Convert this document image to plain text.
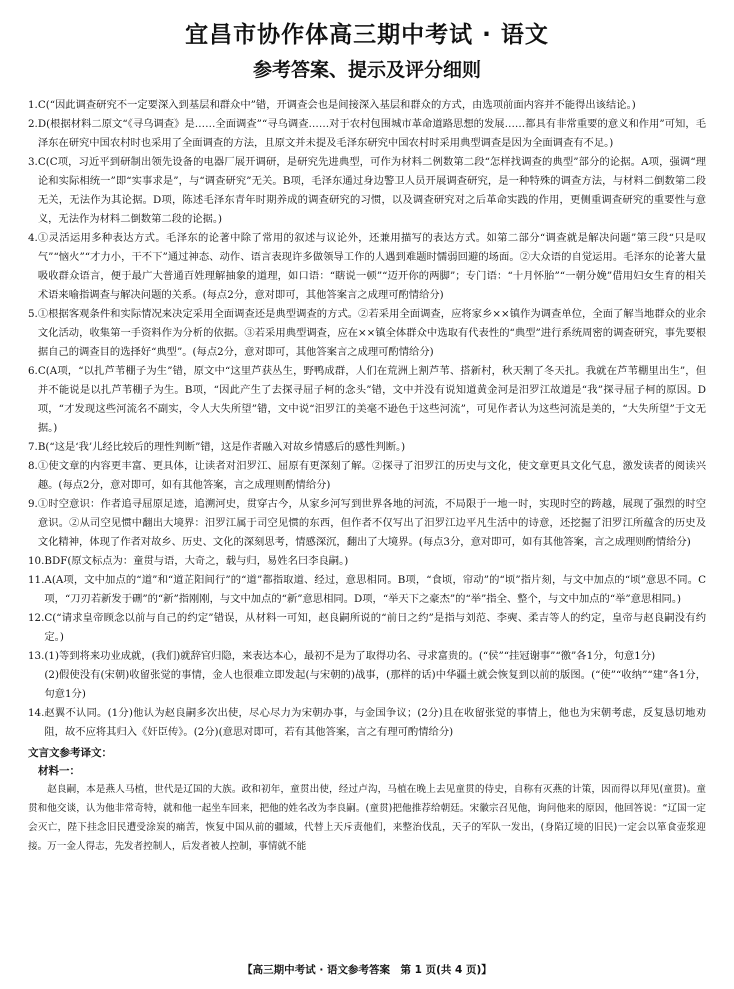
宜昌市协作体高三期中考试 · 语文
参考答案、提示及评分细则
1. C(“因此调查研究不一定要深入到基层和群众中”错，开调查会也是间接深入基层和群众的方式，由选项前面内容并不能得出该结论。)
2. D(根据材料二原文“《寻乌调查》是……全面调查”“寻乌调查……对于农村包围城市革命道路思想的发展……都具有非常重要的意义和作用”可知，毛泽东在研究中国农村时也采用了全面调查的方法，且原文并未提及毛泽东研究中国农村时采用典型调查是因为全面调查有不足。)
3. C(C项，习近平到研制出领先设备的电器厂展开调研，是研究先进典型，可作为材料二例数第二段“怎样找调查的典型”部分的论据。A项，强调“理论和实际相统一”即“实事求是”，与“调查研究”无关。B项，毛泽东通过身边警卫人员开展调查研究，是一种特殊的调查方法，与材料二倒数第二段无关，无法作为其论据。D项，陈述毛泽东青年时期养成的调查研究的习惯，以及调查研究对之后革命实践的作用，更侧重调查研究的重要性与意义，无法作为材料二倒数第二段的论据。)
4. ①灵活运用多种表达方式。毛泽东的论著中除了常用的叙述与议论外，还兼用描写的表达方式。如第二部分“调查就是解决问题”第三段“只是叹气”“恼火”“才力小，干不下”通过神态、动作、语言表现许多做领导工作的人遇到难题时懦弱回避的场面。②大众语的自觉运用。毛泽东的论著大量吸收群众语言，便于最广大普通百姓理解抽象的道理，如口语：“瞎说一顿”“迈开你的两脚”；专门语：“十月怀胎”“一朝分娩”借用妇女生育的相关术语来喻指调查与解决问题的关系。(每点2分，意对即可，其他答案言之成理可酌情给分)
5. ①根据客观条件和实际情况来决定采用全面调查还是典型调查的方式。②若采用全面调查，应将家乡××镇作为调查单位，全面了解当地群众的业余文化活动，收集第一手资料作为分析的依据。③若采用典型调查，应在××镇全体群众中选取有代表性的“典型”进行系统周密的调查研究，事先要根据自己的调查目的选择好“典型”。(每点2分，意对即可，其他答案言之成理可酌情给分)
6. C(A项，“以扎芦苇棚子为生”错，原文中“这里芦获丛生，野鸭成群，人们在荒洲上割芦苇、搭新村，秋天割了冬天扎。我就在芦苇棚里出生”，但并不能说是以扎芦苇棚子为生。B项，“因此产生了去探寻屈子柯的念头”错，文中并没有说知道黄金河是汨罗江故道是“我”探寻屈子柯的原因。D项，“才发现这些河流名不副实，令人大失所望”错，文中说“汨罗江的美毫不逊色于这些河流”，可见作者认为这些河流是美的，“大失所望”于文无据。)
7. B(“这是‘我’儿经比较后的理性判断”错，这是作者融入对故乡情感后的感性判断。)
8. ①使文章的内容更丰富、更具体，让读者对汨罗江、屈原有更深刻了解。②探寻了汨罗江的历史与文化，使文章更具文化气息，激发读者的阅读兴趣。(每点2分，意对即可，如有其他答案，言之成理则酌情给分)
9. ①时空意识：作者追寻屈原足迹，追溯河史，贯穿古今，从家乡河写到世界各地的河流，不局限于一地一时，实现时空的跨越，展现了强烈的时空意识。②从司空见惯中翻出大境界：汨罗江属于司空见惯的东西，但作者不仅写出了汨罗江边平凡生活中的诗意，还挖掘了汨罗江所蕴含的历史及文化精神，体现了作者对故乡、历史、文化的深刻思考，情感深沉，翻出了大境界。(每点3分，意对即可，如有其他答案，言之成理则酌情给分)
10. BDF(原文标点为：童贯与语，大奇之，载与归，易姓名曰李良嗣。)
11. A(A项，文中加点的“道”和“道芷阳间行”的“道”都指取道、经过，意思相同。B项，“食顷，帘动”的“顷”指片刻，与文中加点的“顷”意思不同。C项，“刀刃若新发于硎”的“新”指刚刚，与文中加点的“新”意思相同。D项，“举天下之豪杰”的“举”指全、整个，与文中加点的“举”意思相同。)
12. C(“请求皇帝顾念以前与自己的约定”错误，从材料一可知，赵良嗣所说的“前日之约”是指与刘范、李奭、柔吉等人的约定，皇帝与赵良嗣没有约定。)
13. (1)等到将来功业成就，(我们)就辞官归隐，来表达本心，最初不是为了取得功名、寻求富贵的。(“侯”“挂冠谢事”“徼”各1分，句意1分)
(2)假使没有(宋朝)收留张觉的事情，金人也很难立即发起(与宋朝的)战事，(那样的话)中华疆土就会恢复到以前的版图。(“使”“收纳”“建”各1分，句意1分)
14. 赵翼不认同。(1分)他认为赵良嗣多次出使，尽心尽力为宋朝办事，与金国争议；(2分)且在收留张觉的事情上，他也为宋朝考虑，反复恳切地劝阻，故不应将其归入《奸臣传》。(2分)(意思对即可，若有其他答案，言之有理可酌情给分)
文言文参考译文：
材料一：
赵良嗣，本是燕人马植，世代是辽国的大族。政和初年，童贯出使，经过卢沟，马植在晚上去见童贯的侍史，自称有灭燕的计策，因而得以拜见(童贯)。童贯和他交谈，认为他非常奇特，就和他一起坐车回来，把他的姓名改为李良嗣。(童贯)把他推荐给朝廷。宋徽宗召见他，询问他来的原因，他回答说：“辽国一定会灭亡，陛下挂念旧民遭受涂炭的痛苦，恢复中国从前的疆域，代替上天斥责他们，来整治伐乱，天子的军队一发出，(身陷辽境的旧民)一定会以箪食壶浆迎接。万一金人得志，先发者控制人，后发者被人控制，事情就不能
【高三期中考试 · 语文参考答案　第 1 页(共 4 页)】
